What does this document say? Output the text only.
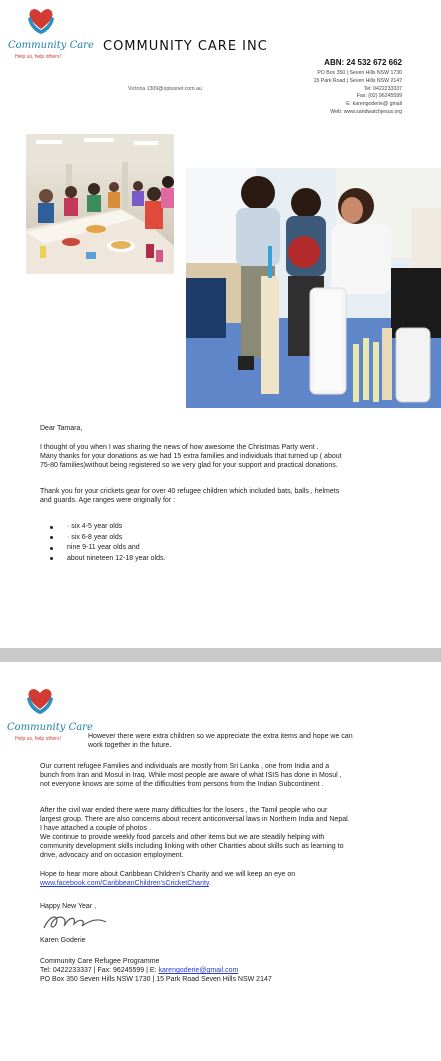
Community Care
Help us, help others!
COMMUNITY CARE INC
ABN: 24 532 672 662
PO Box 350 | Seven Hills NSW 1730
15 Park Road | Seven Hills NSW 2147
Tel: 0422233337
Fax: (02) 96245599
E: karengoderie@ gmail
Web: www.sandwatchjesus.org
Victoria 1309@optusnet.com.au

Dear Tamara,

I thought of you when I was sharing the news of how awesome the Christmas Party went .

Many thanks for your donations as we had 15 extra families and individuals that turned up ( about

75-80 families)without being registered so we very glad for your support and practical donations.

Thank you for your crickets gear for over 40 refugee children which included bats, balls , helmets

and guards. Age ranges were originally for :

· six 4-5 year olds
· six 6-8 year olds
nine 9-11 year olds and
about nineteen 12-18 year olds.
Community Care
Help us, help others!	However there were extra children so we appreciate the extra items and hope we can

work together in the future.

Our current refugee Families and individuals are mostly from Sri Lanka , one from India and a

bunch from Iran and Mosul in Iraq. While most people are aware of what ISIS has done in Mosul ,

not everyone knows are some of the difficulties from persons from the Indian Subcontinent .

After the civil war ended there were many difficulties for the losers , the Tamil people who our

largest group. There are also concerns about recent anticonversal laws in Northern India and Nepal.

I have attached a couple of photos .

We continue to provide weekly food parcels and other items but we are steadily helping with

community development skills including linking with other Charities about skills such as learning to

drive, advocacy and on occasion employment.

Hope to hear more about Caribbean Children’s Charity and we will keep an eye on

www.facebook.com/CaribbeanChildren'sCricketCharity.

Happy New Year ,
Karen Goderie

Community Care Refugee Programme

Tel: 0422233337 | Fax: 96245599 | E: karengoderie@gmail.com

PO Box 350 Seven Hills NSW 1730 | 15 Park Road Seven Hills NSW 2147
